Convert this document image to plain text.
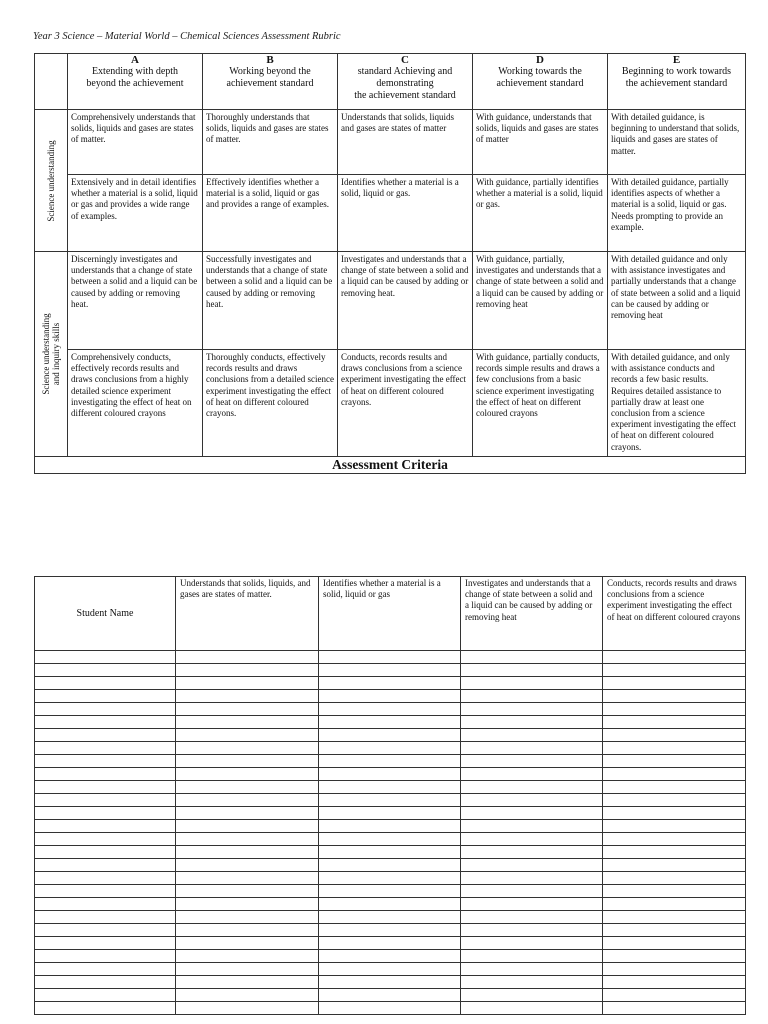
Year 3 Science – Material World – Chemical Sciences Assessment Rubric

	A
Extending with depth
beyond the achievement	B
Working beyond the
achievement standard	C
standard Achieving and
demonstrating
the achievement standard	D
Working towards the
achievement standard	E
Beginning to work towards
the achievement standard

Science understanding	Comprehensively understands that solids, liquids and gases are states of matter.	Thoroughly understands that solids, liquids and gases are states of matter.	Understands that solids, liquids and gases are states of matter	With guidance, understands that solids, liquids and gases are states of matter	With detailed guidance, is beginning to understand that solids, liquids and gases are states of matter.
	Extensively and in detail identifies whether a material is a solid, liquid or gas and provides a wide range of examples.	Effectively identifies whether a material is a solid, liquid or gas and provides a range of examples.	Identifies whether a material is a solid, liquid or gas.	With guidance, partially identifies whether a material is a solid, liquid or gas.	With detailed guidance, partially identifies aspects of whether a material is a solid, liquid or gas. Needs prompting to provide an example.

Science understanding and inquiry skills	Discerningly investigates and understands that a change of state between a solid and a liquid can be caused by adding or removing heat.	Successfully investigates and understands that a change of state between a solid and a liquid can be caused by adding or removing heat.	Investigates and understands that a change of state between a solid and a liquid can be caused by adding or removing heat.	With guidance, partially, investigates and understands that a change of state between a solid and a liquid can be caused by adding or removing heat	With detailed guidance and only with assistance investigates and partially understands that a change of state between a solid and a liquid can be caused by adding or removing heat
	Comprehensively conducts, effectively records results and draws conclusions from a highly detailed science experiment investigating the effect of heat on different coloured crayons	Thoroughly conducts, effectively records results and draws conclusions from a detailed science experiment investigating the effect of heat on different coloured crayons.	Conducts, records results and draws conclusions from a science experiment investigating the effect of heat on different coloured crayons.	With guidance, partially conducts, records simple results and draws a few conclusions from a basic science experiment investigating the effect of heat on different coloured crayons	With detailed guidance, and only with assistance conducts and records a few basic results. Requires detailed assistance to partially draw at least one conclusion from a science experiment investigating the effect of heat on different coloured crayons.
Assessment Criteria					
Student Name	Understands that solids, liquids, and gases are states of matter.	Identifies whether a material is a solid, liquid or gas	Investigates and understands that a change of state between a solid and a liquid can be caused by adding or removing heat	Conducts, records results and draws conclusions from a science experiment investigating the effect of heat on different coloured crayons
